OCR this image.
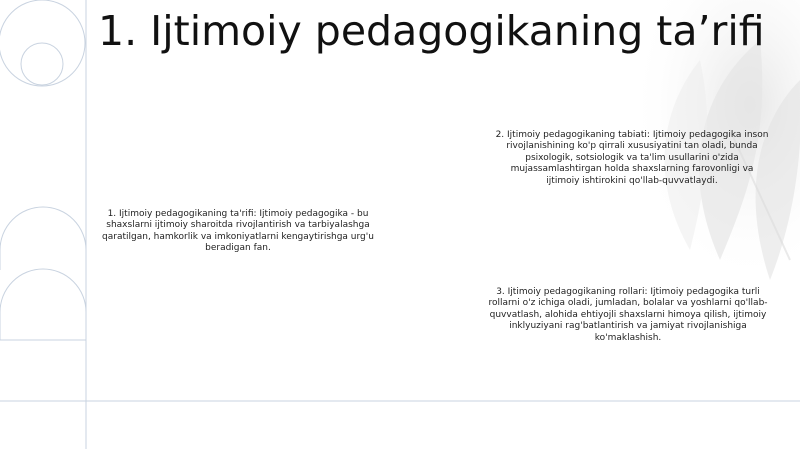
1. Ijtimoiy pedagogikaning ta’rifi

1. Ijtimoiy pedagogikaning ta'rifi: Ijtimoiy pedagogika - bu shaxslarni ijtimoiy sharoitda rivojlantirish va tarbiyalashga qaratilgan, hamkorlik va imkoniyatlarni kengaytirishga urg'u beradigan fan.

2. Ijtimoiy pedagogikaning tabiati: Ijtimoiy pedagogika inson rivojlanishining ko'p qirrali xususiyatini tan oladi, bunda psixologik, sotsiologik va ta'lim usullarini o'zida mujassamlashtirgan holda shaxslarning farovonligi va ijtimoiy ishtirokini qo'llab-quvvatlaydi.

3. Ijtimoiy pedagogikaning rollari: Ijtimoiy pedagogika turli rollarni o'z ichiga oladi, jumladan, bolalar va yoshlarni qo'llab-quvvatlash, alohida ehtiyojli shaxslarni himoya qilish, ijtimoiy inklyuziyani rag'batlantirish va jamiyat rivojlanishiga ko'maklashish.
